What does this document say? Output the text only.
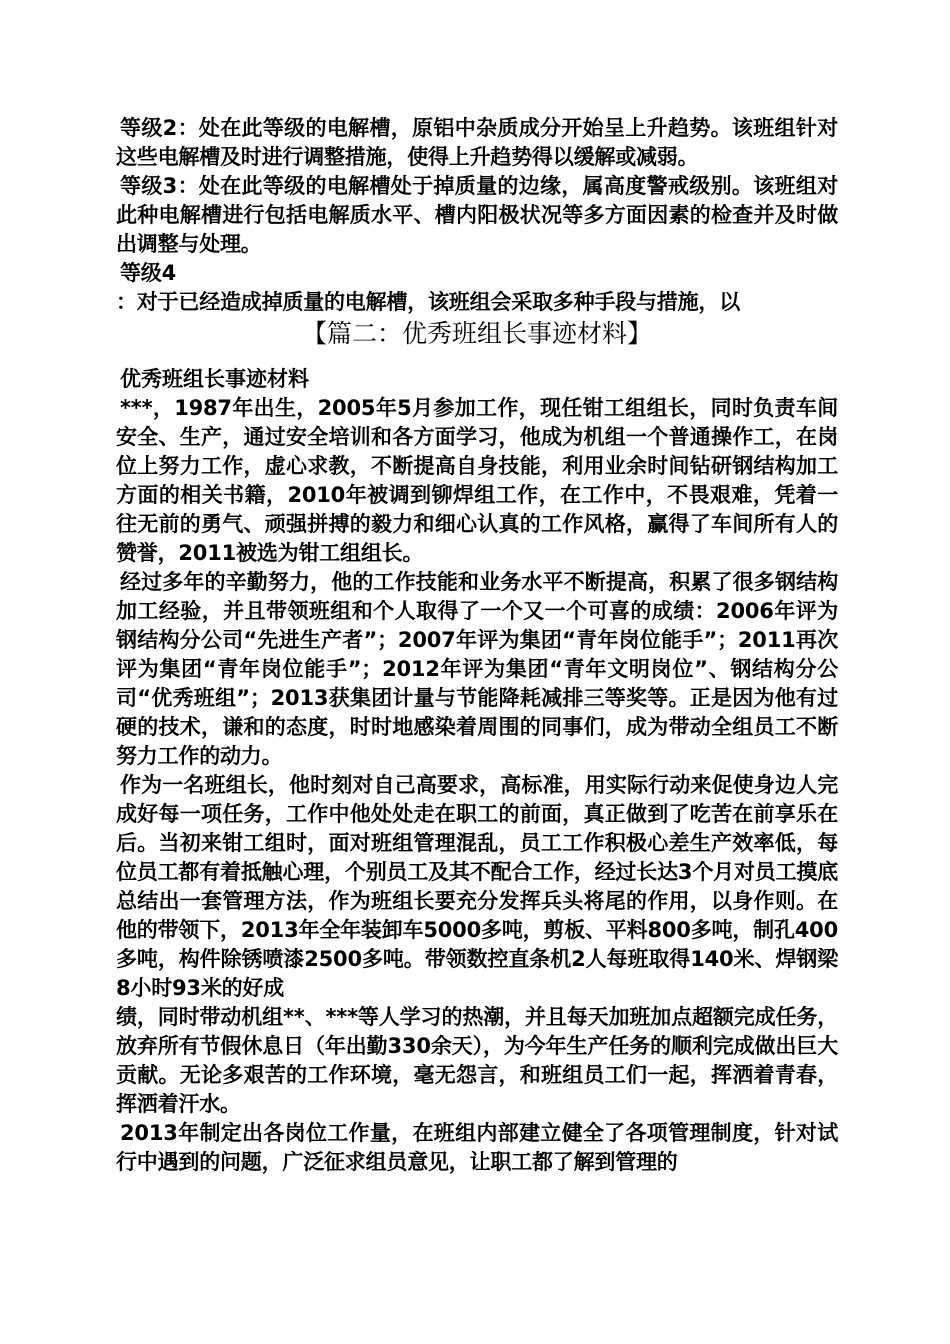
等级2：处在此等级的电解槽，原铝中杂质成分开始呈上升趋势。该班组针对这些电解槽及时进行调整措施，使得上升趋势得以缓解或减弱。

等级3：处在此等级的电解槽处于掉质量的边缘，属高度警戒级别。该班组对此种电解槽进行包括电解质水平、槽内阳极状况等多方面因素的检查并及时做出调整与处理。

等级4

：对于已经造成掉质量的电解槽，该班组会采取多种手段与措施，以

【篇二：优秀班组长事迹材料】

优秀班组长事迹材料

***，1987年出生，2005年5月参加工作，现任钳工组组长，同时负责车间安全、生产，通过安全培训和各方面学习，他成为机组一个普通操作工，在岗位上努力工作，虚心求教，不断提高自身技能，利用业余时间钻研钢结构加工方面的相关书籍，2010年被调到铆焊组工作，在工作中，不畏艰难，凭着一往无前的勇气、顽强拼搏的毅力和细心认真的工作风格，赢得了车间所有人的赞誉，2011被选为钳工组组长。

经过多年的辛勤努力，他的工作技能和业务水平不断提高，积累了很多钢结构加工经验，并且带领班组和个人取得了一个又一个可喜的成绩：2006年评为钢结构分公司“先进生产者”；2007年评为集团“青年岗位能手”；2011再次评为集团“青年岗位能手”；2012年评为集团“青年文明岗位”、钢结构分公司“优秀班组”；2013获集团计量与节能降耗减排三等奖等。正是因为他有过硬的技术，谦和的态度，时时地感染着周围的同事们，成为带动全组员工不断努力工作的动力。

作为一名班组长，他时刻对自己高要求，高标准，用实际行动来促使身边人完成好每一项任务，工作中他处处走在职工的前面，真正做到了吃苦在前享乐在后。当初来钳工组时，面对班组管理混乱，员工工作积极心差生产效率低，每位员工都有着抵触心理，个别员工及其不配合工作，经过长达3个月对员工摸底总结出一套管理方法，作为班组长要充分发挥兵头将尾的作用，以身作则。在他的带领下，2013年全年装卸车5000多吨，剪板、平料800多吨，制孔400多吨，构件除锈喷漆2500多吨。带领数控直条机2人每班取得140米、焊钢梁8小时93米的好成

绩，同时带动机组**、***等人学习的热潮，并且每天加班加点超额完成任务，放弃所有节假休息日（年出勤330余天），为今年生产任务的顺利完成做出巨大贡献。无论多艰苦的工作环境，毫无怨言，和班组员工们一起，挥洒着青春，挥洒着汗水。

2013年制定出各岗位工作量，在班组内部建立健全了各项管理制度，针对试行中遇到的问题，广泛征求组员意见，让职工都了解到管理的
